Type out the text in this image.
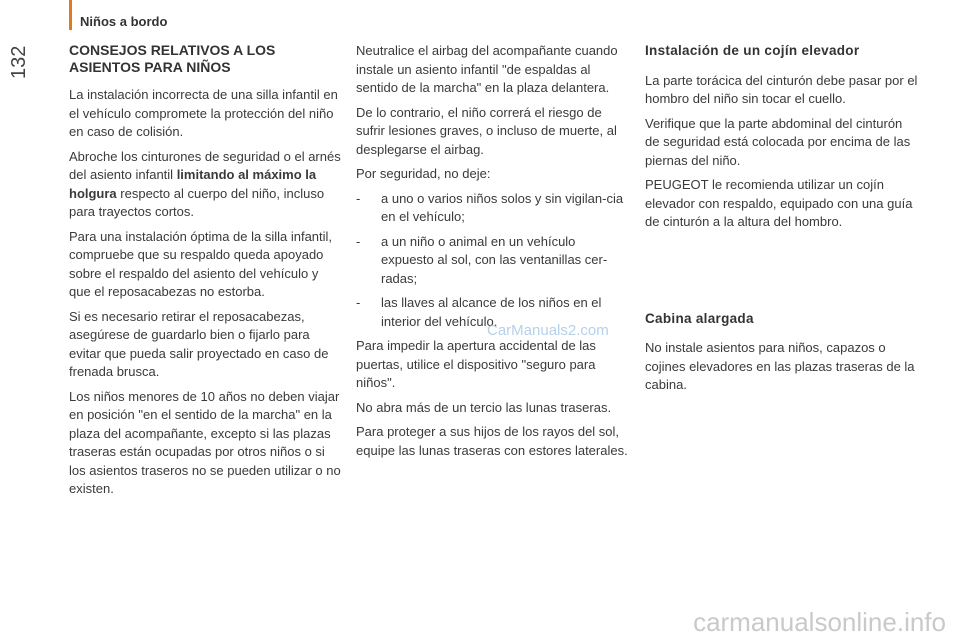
Niños a bordo
132	CONSEJOS RELATIVOS A LOS ASIENTOS PARA NIÑOS

La instalación incorrecta de una silla infantil en el vehículo compromete la protección del niño en caso de colisión.

Abroche los cinturones de seguridad o el arnés del asiento infantil limitando al máximo la holgura respecto al cuerpo del niño, incluso para trayectos cortos.

Para una instalación óptima de la silla infantil, compruebe que su respaldo queda apoyado sobre el respaldo del asiento del vehículo y que el reposacabezas no estorba.

Si es necesario retirar el reposacabezas, asegúrese de guardarlo bien o fijarlo para evitar que pueda salir proyectado en caso de frenada brusca.

Los niños menores de 10 años no deben viajar en posición "en el sentido de la marcha" en la plaza del acompañante, excepto si las plazas traseras están ocupadas por otros niños o si los asientos traseros no se pueden utilizar o no existen.

Neutralice el airbag del acompañante cuando instale un asiento infantil "de espaldas al sentido de la marcha" en la plaza delantera.

De lo contrario, el niño correrá el riesgo de sufrir lesiones graves, o incluso de muerte, al desplegarse el airbag.

Por seguridad, no deje:

- a uno o varios niños solos y sin vigilan-cia en el vehículo;
- a un niño o animal en un vehículo expuesto al sol, con las ventanillas cer-radas;
- las llaves al alcance de los niños en el interior del vehículo.

Para impedir la apertura accidental de las puertas, utilice el dispositivo "seguro para niños".

No abra más de un tercio las lunas traseras.

Para proteger a sus hijos de los rayos del sol, equipe las lunas traseras con estores laterales.

Instalación de un cojín elevador

La parte torácica del cinturón debe pasar por el hombro del niño sin tocar el cuello.

Verifique que la parte abdominal del cinturón de seguridad está colocada por encima de las piernas del niño.

PEUGEOT le recomienda utilizar un cojín elevador con respaldo, equipado con una guía de cinturón a la altura del hombro.

Cabina alargada

No instale asientos para niños, capazos o cojines elevadores en las plazas traseras de la cabina.

CarManuals2.com
carmanualsonline.info
